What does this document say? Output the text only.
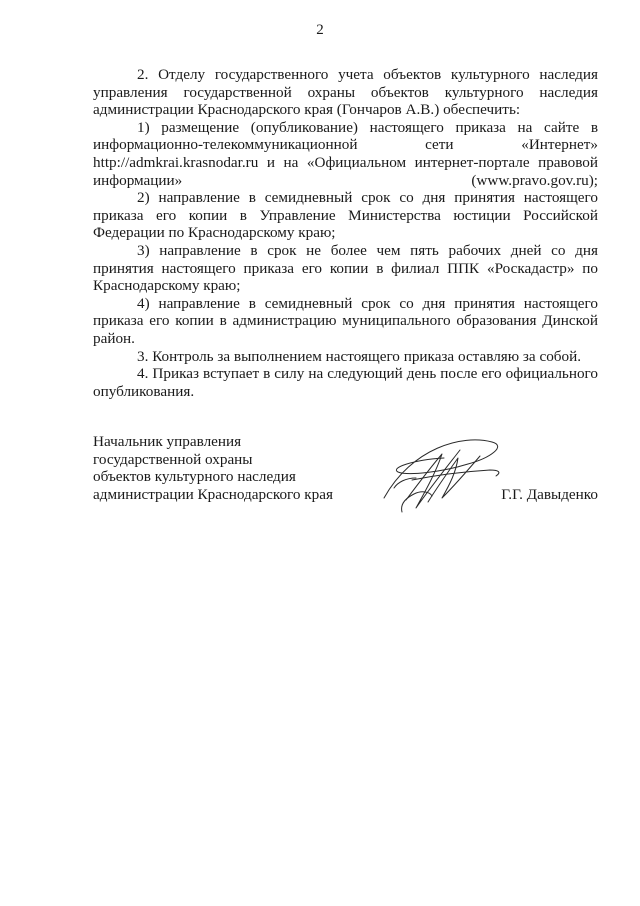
2

2. Отделу государственного учета объектов культурного наследия управления государственной охраны объектов культурного наследия администрации Краснодарского края (Гончаров А.В.) обеспечить:

1) размещение (опубликование) настоящего приказа на сайте в информационно-телекоммуникационной сети «Интернет» http://admkrai.krasnodar.ru и на «Официальном интернет-портале правовой информации» (www.pravo.gov.ru);

2) направление в семидневный срок со дня принятия настоящего приказа его копии в Управление Министерства юстиции Российской Федерации по Краснодарскому краю;

3) направление в срок не более чем пять рабочих дней со дня принятия настоящего приказа его копии в филиал ППК «Роскадастр» по Краснодарскому краю;

4) направление в семидневный срок со дня принятия настоящего приказа его копии в администрацию муниципального образования Динской район.

3. Контроль за выполнением настоящего приказа оставляю за собой.

4. Приказ вступает в силу на следующий день после его официального опубликования.

Начальник управления
государственной охраны
объектов культурного наследия
администрации Краснодарского края	Г.Г. Давыденко
